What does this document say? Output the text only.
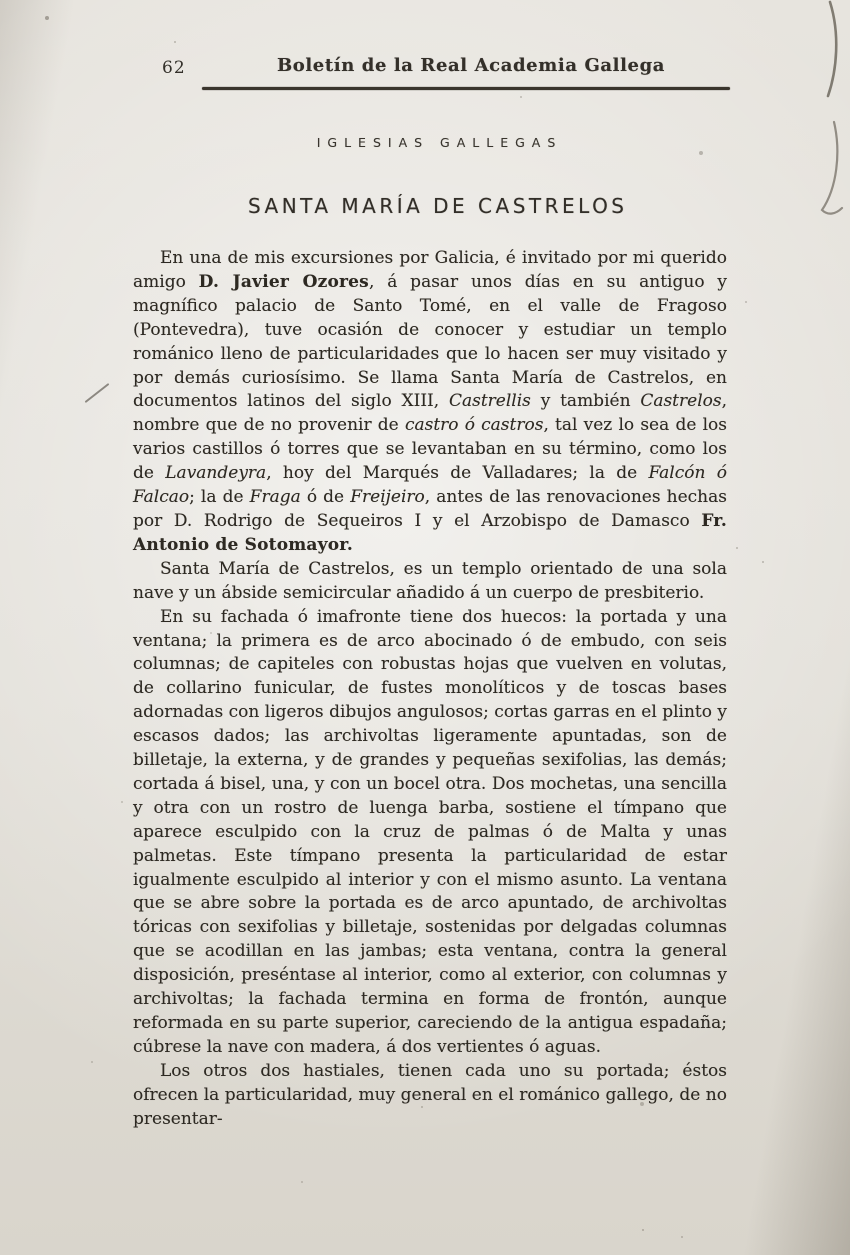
62	Boletín de la Real Academia Gallega
IGLESIAS GALLEGAS
SANTA MARÍA DE CASTRELOS

En una de mis excursiones por Galicia, é invitado por mi querido amigo D. Javier Ozores, á pasar unos días en su antiguo y magnífico palacio de Santo Tomé, en el valle de Fragoso (Pontevedra), tuve ocasión de conocer y estudiar un templo románico lleno de particularidades que lo hacen ser muy visitado y por demás curiosísimo. Se llama Santa María de Castrelos, en documentos latinos del siglo XIII, Castrellis y también Castrelos, nombre que de no provenir de castro ó castros, tal vez lo sea de los varios castillos ó torres que se levantaban en su término, como los de Lavandeyra, hoy del Marqués de Valladares; la de Falcón ó Falcao; la de Fraga ó de Freijeiro, antes de las renovaciones hechas por D. Rodrigo de Sequeiros I y el Arzobispo de Damasco Fr. Antonio de Sotomayor.

Santa María de Castrelos, es un templo orientado de una sola nave y un ábside semicircular añadido á un cuerpo de presbiterio.

En su fachada ó imafronte tiene dos huecos: la portada y una ventana; la primera es de arco abocinado ó de embudo, con seis columnas; de capiteles con robustas hojas que vuelven en volutas, de collarino funicular, de fustes monolíticos y de toscas bases adornadas con ligeros dibujos angulosos; cortas garras en el plinto y escasos dados; las archivoltas ligeramente apuntadas, son de billetaje, la externa, y de grandes y pequeñas sexifolias, las demás; cortada á bisel, una, y con un bocel otra. Dos mochetas, una sencilla y otra con un rostro de luenga barba, sostiene el tímpano que aparece esculpido con la cruz de palmas ó de Malta y unas palmetas. Este tímpano presenta la particularidad de estar igualmente esculpido al interior y con el mismo asunto. La ventana que se abre sobre la portada es de arco apuntado, de archivoltas tóricas con sexifolias y billetaje, sostenidas por delgadas columnas que se acodillan en las jambas; esta ventana, contra la general disposición, preséntase al interior, como al exterior, con columnas y archivoltas; la fachada termina en forma de frontón, aunque reformada en su parte superior, careciendo de la antigua espadaña; cúbrese la nave con madera, á dos vertientes ó aguas.

Los otros dos hastiales, tienen cada uno su portada; éstos ofrecen la particularidad, muy general en el románico gallego, de no presentar-
